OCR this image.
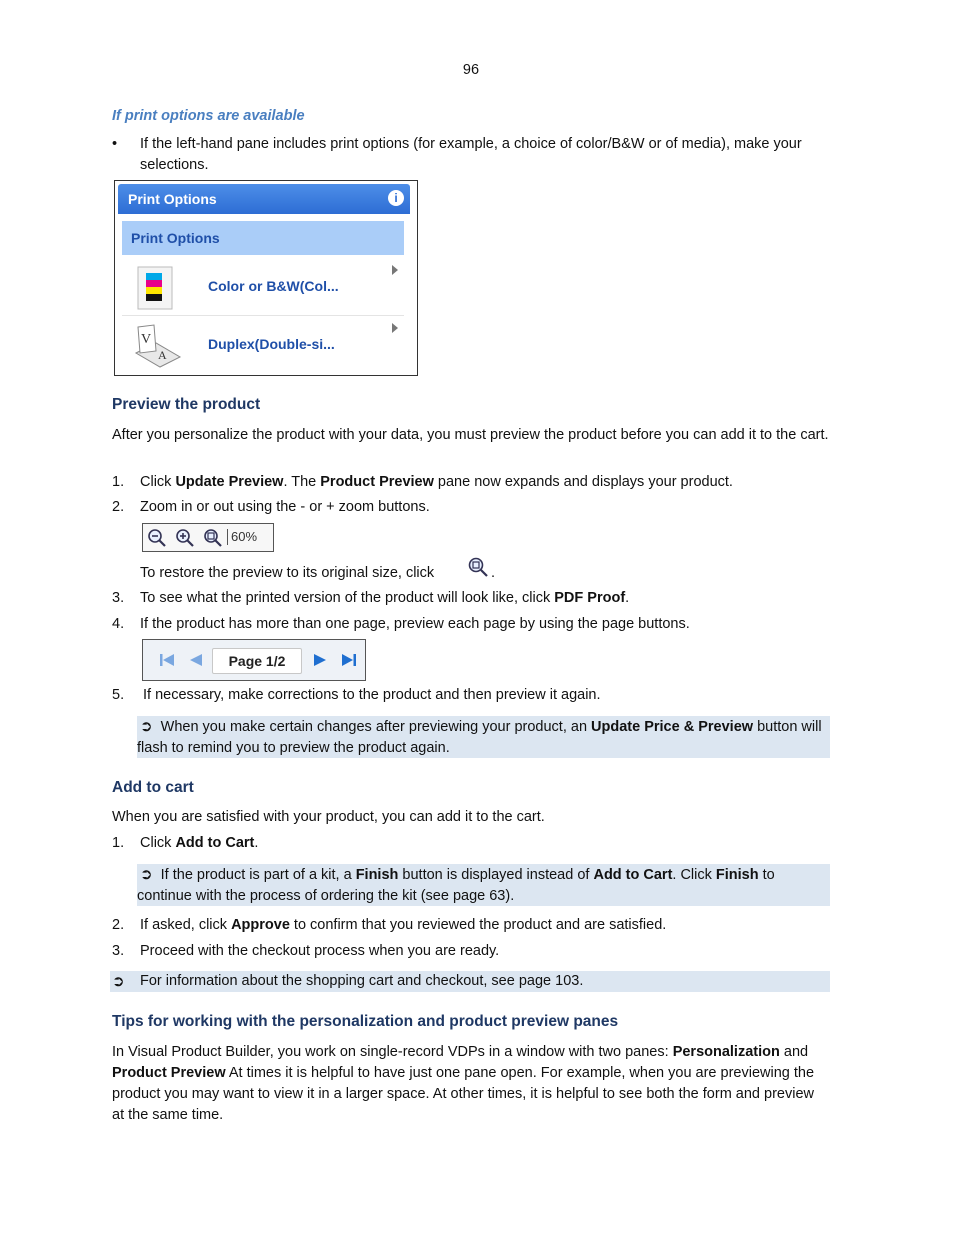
96
If print options are available
• If the left-hand pane includes print options (for example, a choice of color/B&W or of media), make your selections.
Print Options	i
Print Options
Color or B&W(Col...
V
A
Duplex(Double-si...
Preview the product
After you personalize the product with your data, you must preview the product before you can add it to the cart.
1. Click Update Preview. The Product Preview pane now expands and displays your product.
2. Zoom in or out using the - or + zoom buttons.
60%
To restore the preview to its original size, click	.
3. To see what the printed version of the product will look like, click PDF Proof.
4. If the product has more than one page, preview each page by using the page buttons.
Page 1/2
5. If necessary, make corrections to the product and then preview it again.
➲ When you make certain changes after previewing your product, an Update Price & Preview button will flash to remind you to preview the product again.
Add to cart
When you are satisfied with your product, you can add it to the cart.
1. Click Add to Cart.
➲ If the product is part of a kit, a Finish button is displayed instead of Add to Cart. Click Finish to continue with the process of ordering the kit (see page 63).
2. If asked, click Approve to confirm that you reviewed the product and are satisfied.
3. Proceed with the checkout process when you are ready.
➲ For information about the shopping cart and checkout, see page 103.
Tips for working with the personalization and product preview panes
In Visual Product Builder, you work on single-record VDPs in a window with two panes: Personalization and Product Preview At times it is helpful to have just one pane open. For example, when you are previewing the product you may want to view it in a larger space. At other times, it is helpful to see both the form and preview at the same time.
